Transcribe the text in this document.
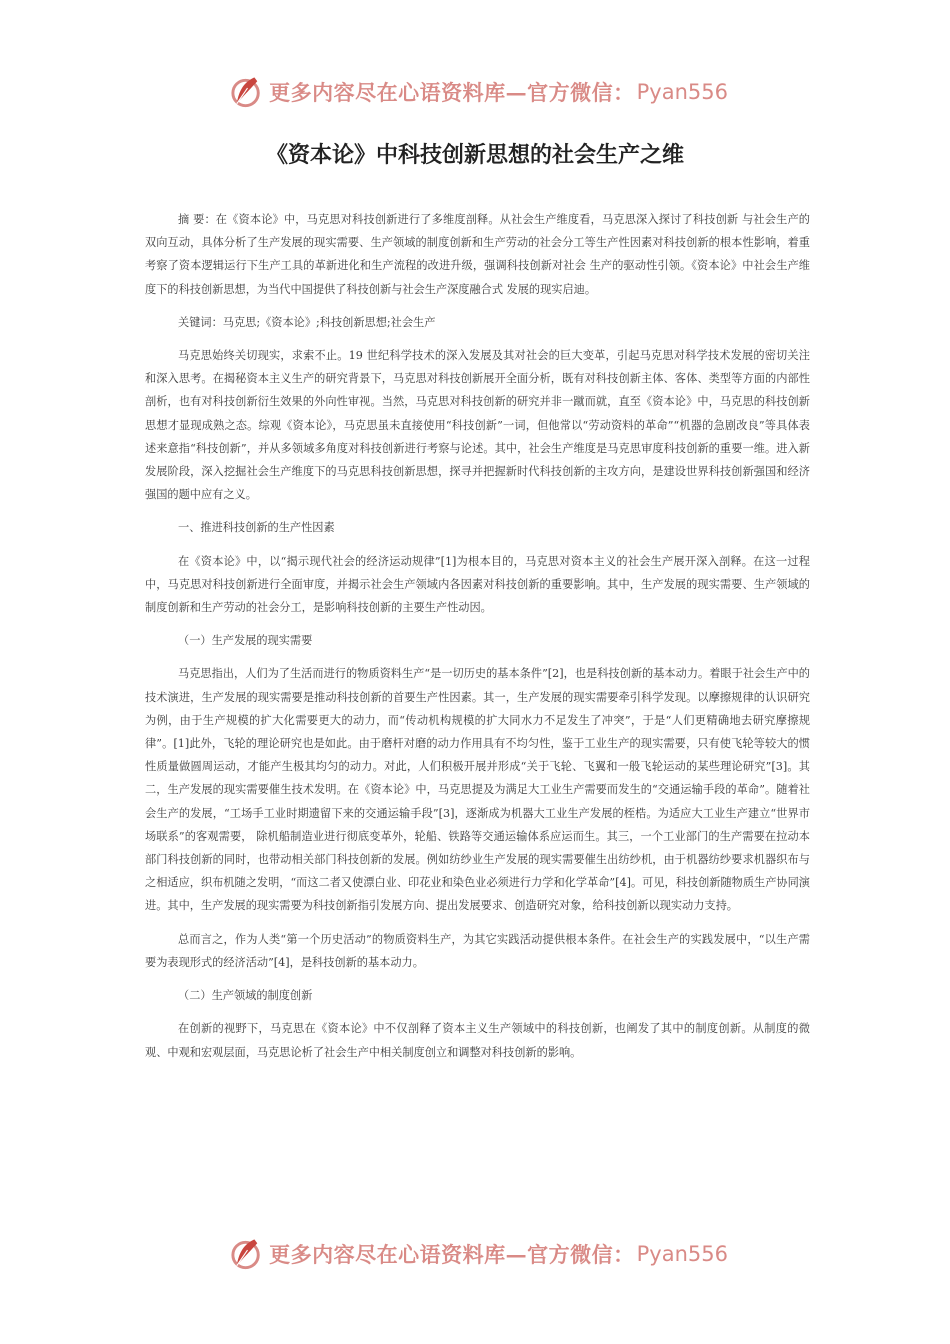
更多内容尽在心语资料库—官方微信： Pyan556
《资本论》中科技创新思想的社会生产之维

摘 要：在《资本论》中，马克思对科技创新进行了多维度剖释。从社会生产维度看，马克思深入探讨了科技创新 与社会生产的双向互动，具体分析了生产发展的现实需要、生产领域的制度创新和生产劳动的社会分工等生产性因素对科技创新的根本性影响，着重考察了资本逻辑运行下生产工具的革新进化和生产流程的改进升级，强调科技创新对社会 生产的驱动性引领。《资本论》中社会生产维度下的科技创新思想，为当代中国提供了科技创新与社会生产深度融合式 发展的现实启迪。

关键词：马克思;《资本论》;科技创新思想;社会生产

马克思始终关切现实，求索不止。19 世纪科学技术的深入发展及其对社会的巨大变革，引起马克思对科学技术发展的密切关注和深入思考。在揭秘资本主义生产的研究背景下，马克思对科技创新展开全面分析，既有对科技创新主体、客体、类型等方面的内部性剖析，也有对科技创新衍生效果的外向性审视。当然，马克思对科技创新的研究并非一蹴而就，直至《资本论》中，马克思的科技创新思想才显现成熟之态。综观《资本论》，马克思虽未直接使用“科技创新”一词，但他常以“劳动资料的革命”“机器的急剧改良”等具体表述来意指“科技创新”，并从多领域多角度对科技创新进行考察与论述。其中，社会生产维度是马克思审度科技创新的重要一维。进入新发展阶段，深入挖掘社会生产维度下的马克思科技创新思想，探寻并把握新时代科技创新的主攻方向，是建设世界科技创新强国和经济强国的题中应有之义。

一、推进科技创新的生产性因素

在《资本论》中，以“揭示现代社会的经济运动规律”[1]为根本目的，马克思对资本主义的社会生产展开深入剖释。在这一过程中，马克思对科技创新进行全面审度，并揭示社会生产领域内各因素对科技创新的重要影响。其中，生产发展的现实需要、生产领域的制度创新和生产劳动的社会分工，是影响科技创新的主要生产性动因。

（一）生产发展的现实需要

马克思指出，人们为了生活而进行的物质资料生产“是一切历史的基本条件”[2]，也是科技创新的基本动力。着眼于社会生产中的技术演进，生产发展的现实需要是推动科技创新的首要生产性因素。其一，生产发展的现实需要牵引科学发现。以摩擦规律的认识研究为例，由于生产规模的扩大化需要更大的动力，而“传动机构规模的扩大同水力不足发生了冲突”，于是“人们更精确地去研究摩擦规律”。[1]此外，飞轮的理论研究也是如此。由于磨杆对磨的动力作用具有不均匀性，鉴于工业生产的现实需要，只有使飞轮等较大的惯性质量做圆周运动，才能产生极其均匀的动力。对此，人们积极开展并形成“关于飞轮、飞翼和一般飞轮运动的某些理论研究”[3]。其二，生产发展的现实需要催生技术发明。在《资本论》中，马克思提及为满足大工业生产需要而发生的“交通运输手段的革命”。随着社会生产的发展，“工场手工业时期遗留下来的交通运输手段”[3]，逐渐成为机器大工业生产发展的桎梏。为适应大工业生产建立“世界市场联系”的客观需要， 除机船制造业进行彻底变革外，轮船、铁路等交通运输体系应运而生。其三，一个工业部门的生产需要在拉动本部门科技创新的同时，也带动相关部门科技创新的发展。例如纺纱业生产发展的现实需要催生出纺纱机，由于机器纺纱要求机器织布与之相适应，织布机随之发明，“而这二者又使漂白业、印花业和染色业必须进行力学和化学革命”[4]。可见，科技创新随物质生产协同演进。其中，生产发展的现实需要为科技创新指引发展方向、提出发展要求、创造研究对象，给科技创新以现实动力支持。

总而言之，作为人类“第一个历史活动”的物质资料生产，为其它实践活动提供根本条件。在社会生产的实践发展中，“以生产需要为表现形式的经济活动”[4]，是科技创新的基本动力。

（二）生产领域的制度创新

在创新的视野下，马克思在《资本论》中不仅剖释了资本主义生产领域中的科技创新，也阐发了其中的制度创新。从制度的微观、中观和宏观层面，马克思论析了社会生产中相关制度创立和调整对科技创新的影响。

更多内容尽在心语资料库—官方微信： Pyan556
